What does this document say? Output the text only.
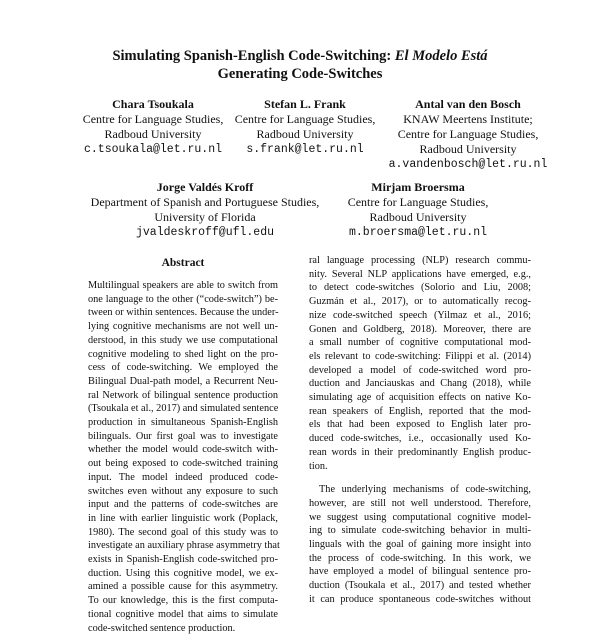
Simulating Spanish-English Code-Switching: El Modelo Está
Generating Code-Switches
Chara Tsoukala
Centre for Language Studies,
Radboud University
c.tsoukala@let.ru.nl
Stefan L. Frank
Centre for Language Studies,
Radboud University
s.frank@let.ru.nl
Antal van den Bosch
KNAW Meertens Institute;
Centre for Language Studies,
Radboud University
a.vandenbosch@let.ru.nl
Jorge Valdés Kroff
Department of Spanish and Portuguese Studies,
University of Florida
jvaldeskroff@ufl.edu
Mirjam Broersma
Centre for Language Studies,
Radboud University
m.broersma@let.ru.nl
Abstract
Multilingual speakers are able to switch from
one language to the other (“code-switch”) be-
tween or within sentences. Because the under-
lying cognitive mechanisms are not well un-
derstood, in this study we use computational
cognitive modeling to shed light on the pro-
cess of code-switching. We employed the
Bilingual Dual-path model, a Recurrent Neu-
ral Network of bilingual sentence production
(Tsoukala et al., 2017) and simulated sentence
production in simultaneous Spanish-English
bilinguals. Our first goal was to investigate
whether the model would code-switch with-
out being exposed to code-switched training
input. The model indeed produced code-
switches even without any exposure to such
input and the patterns of code-switches are
in line with earlier linguistic work (Poplack,
1980). The second goal of this study was to
investigate an auxiliary phrase asymmetry that
exists in Spanish-English code-switched pro-
duction. Using this cognitive model, we ex-
amined a possible cause for this asymmetry.
To our knowledge, this is the first computa-
tional cognitive model that aims to simulate
code-switched sentence production.
ral language processing (NLP) research commu-
nity. Several NLP applications have emerged, e.g.,
to detect code-switches (Solorio and Liu, 2008;
Guzmán et al., 2017), or to automatically recog-
nize code-switched speech (Yilmaz et al., 2016;
Gonen and Goldberg, 2018). Moreover, there are
a small number of cognitive computational mod-
els relevant to code-switching: Filippi et al. (2014)
developed a model of code-switched word pro-
duction and Janciauskas and Chang (2018), while
simulating age of acquisition effects on native Ko-
rean speakers of English, reported that the mod-
els that had been exposed to English later pro-
duced code-switches, i.e., occasionally used Ko-
rean words in their predominantly English produc-
tion.
The underlying mechanisms of code-switching,
however, are still not well understood. Therefore,
we suggest using computational cognitive model-
ing to simulate code-switching behavior in multi-
linguals with the goal of gaining more insight into
the process of code-switching. In this work, we
have employed a model of bilingual sentence pro-
duction (Tsoukala et al., 2017) and tested whether
it can produce spontaneous code-switches without
